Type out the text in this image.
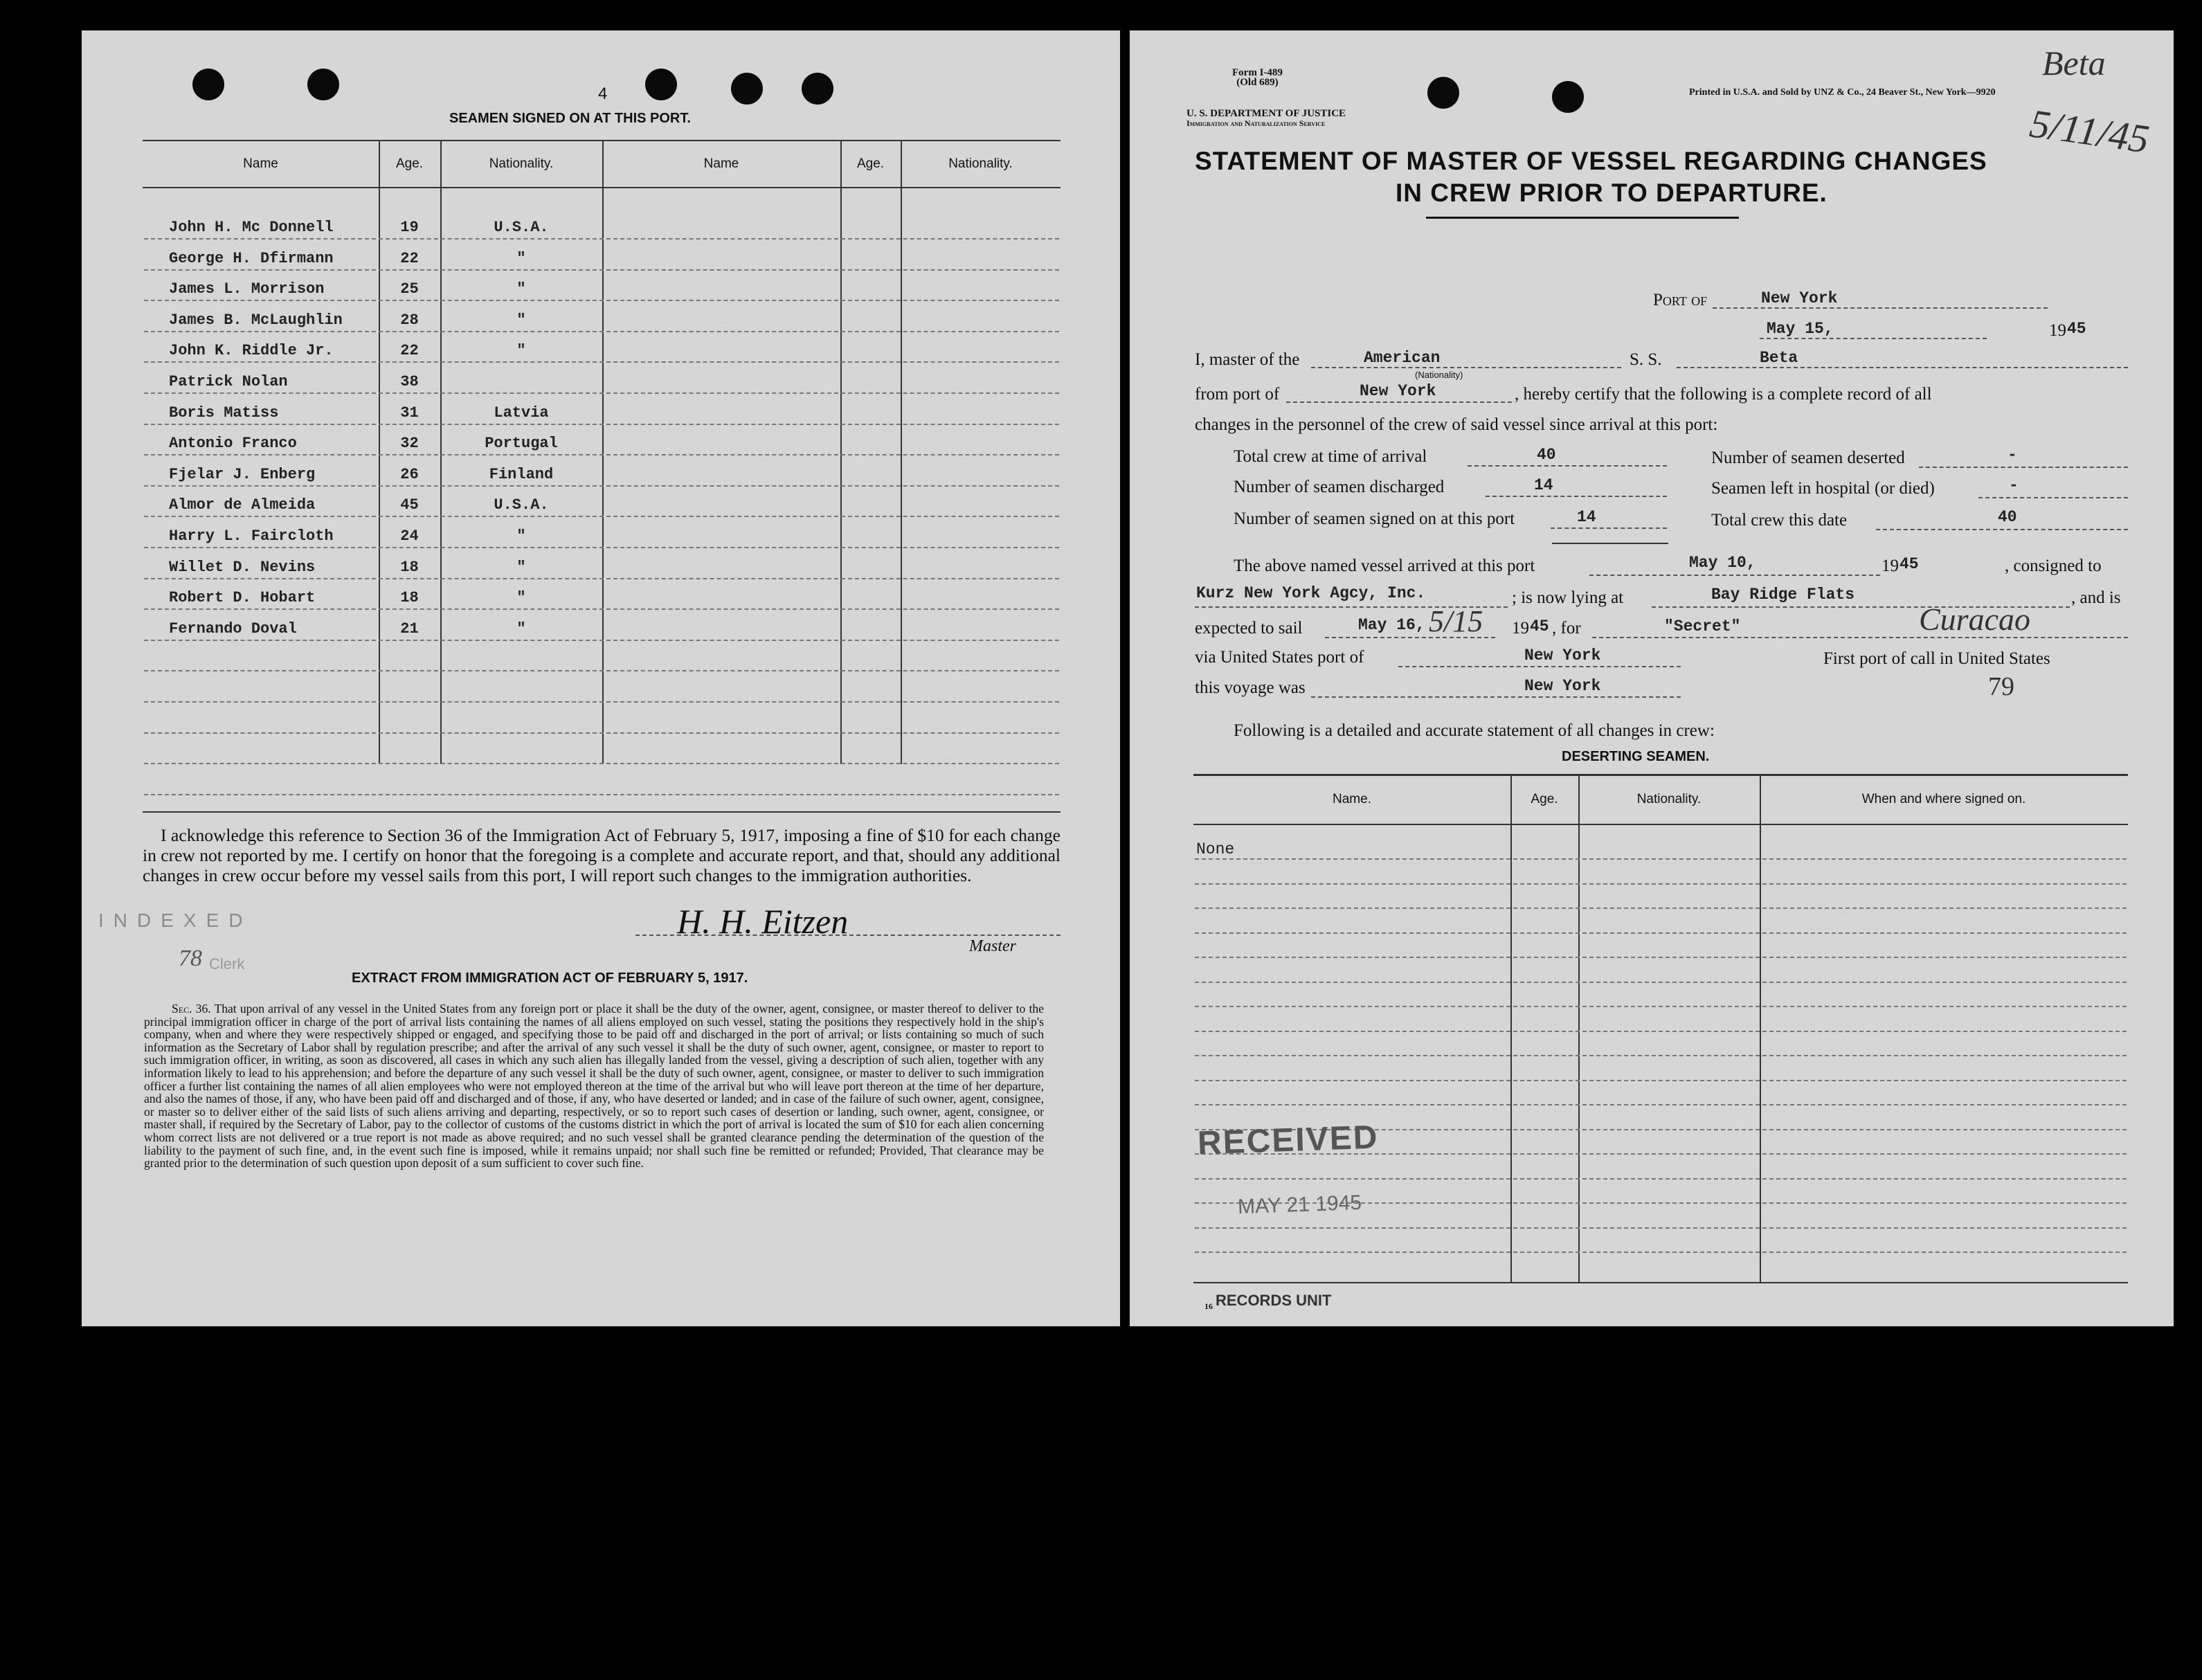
4
SEAMEN SIGNED ON AT THIS PORT.
Name	Age.	Nationality.	Name	Age.	Nationality.
John H. Mc Donnell	19	U.S.A.
George H. Dfirmann	22	"
James L. Morrison	25	"
James B. McLaughlin	28	"
John K. Riddle Jr.	22	"
Patrick Nolan	38
Boris Matiss	31	Latvia
Antonio Franco	32	Portugal
Fjelar J. Enberg	26	Finland
Almor de Almeida	45	U.S.A.
Harry L. Faircloth	24	"
Willet D. Nevins	18	"
Robert D. Hobart	18	"
Fernando Doval	21	"
I acknowledge this reference to Section 36 of the Immigration Act of February 5, 1917, imposing a fine of $10 for each change in crew not reported by me. I certify on honor that the foregoing is a complete and accurate report, and that, should any additional changes in crew occur before my vessel sails from this port, I will report such changes to the immigration authorities.
INDEXED
78 Clerk
H. H. Eitzen
Master
EXTRACT FROM IMMIGRATION ACT OF FEBRUARY 5, 1917.
Sec. 36. That upon arrival of any vessel in the United States from any foreign port or place it shall be the duty of the owner, agent, consignee, or master thereof to deliver to the principal immigration officer in charge of the port of arrival lists containing the names of all aliens employed on such vessel, stating the positions they respectively hold in the ship's company, when and where they were respectively shipped or engaged, and specifying those to be paid off and discharged in the port of arrival; or lists containing so much of such information as the Secretary of Labor shall by regulation prescribe; and after the arrival of any such vessel it shall be the duty of such owner, agent, consignee, or master to report to such immigration officer, in writing, as soon as discovered, all cases in which any such alien has illegally landed from the vessel, giving a description of such alien, together with any information likely to lead to his apprehension; and before the departure of any such vessel it shall be the duty of such owner, agent, consignee, or master to deliver to such immigration officer a further list containing the names of all alien employees who were not employed thereon at the time of the arrival but who will leave port thereon at the time of her departure, and also the names of those, if any, who have been paid off and discharged and of those, if any, who have deserted or landed; and in case of the failure of such owner, agent, consignee, or master so to deliver either of the said lists of such aliens arriving and departing, respectively, or so to report such cases of desertion or landing, such owner, agent, consignee, or master shall, if required by the Secretary of Labor, pay to the collector of customs of the customs district in which the port of arrival is located the sum of $10 for each alien concerning whom correct lists are not delivered or a true report is not made as above required; and no such vessel shall be granted clearance pending the determination of the question of the liability to the payment of such fine, and, in the event such fine is imposed, while it remains unpaid; nor shall such fine be remitted or refunded; Provided, That clearance may be granted prior to the determination of such question upon deposit of a sum sufficient to cover such fine.
Form I-489
(Old 689)
U. S. DEPARTMENT OF JUSTICE
Immigration and Naturalization Service
Printed in U.S.A. and Sold by UNZ & Co., 24 Beaver St., New York—9920
Beta
5/11/45
STATEMENT OF MASTER OF VESSEL REGARDING CHANGES
IN CREW PRIOR TO DEPARTURE.
Port of	New York
May 15,	19 45
I, master of the	American
(Nationality)
S. S.	Beta
from port of	New York	, hereby certify that the following is a complete record of all
changes in the personnel of the crew of said vessel since arrival at this port:
Total crew at time of arrival	40	Number of seamen deserted	-
Number of seamen discharged	14	Seamen left in hospital (or died)	-
Number of seamen signed on at this port	14	Total crew this date	40
The above named vessel arrived at this port	May 10,	19 45	, consigned to
Kurz New York Agcy, Inc.	; is now lying at	Bay Ridge Flats	, and is
expected to sail	May 16, 5/15 19 45 , for	"Secret"	Curacao
via United States port of	New York	First port of call in United States
this voyage was	New York	79
Following is a detailed and accurate statement of all changes in crew:
DESERTING SEAMEN.
Name.	Age.	Nationality.	When and where signed on.
None
RECEIVED
MAY 21 1945
16 RECORDS UNIT
